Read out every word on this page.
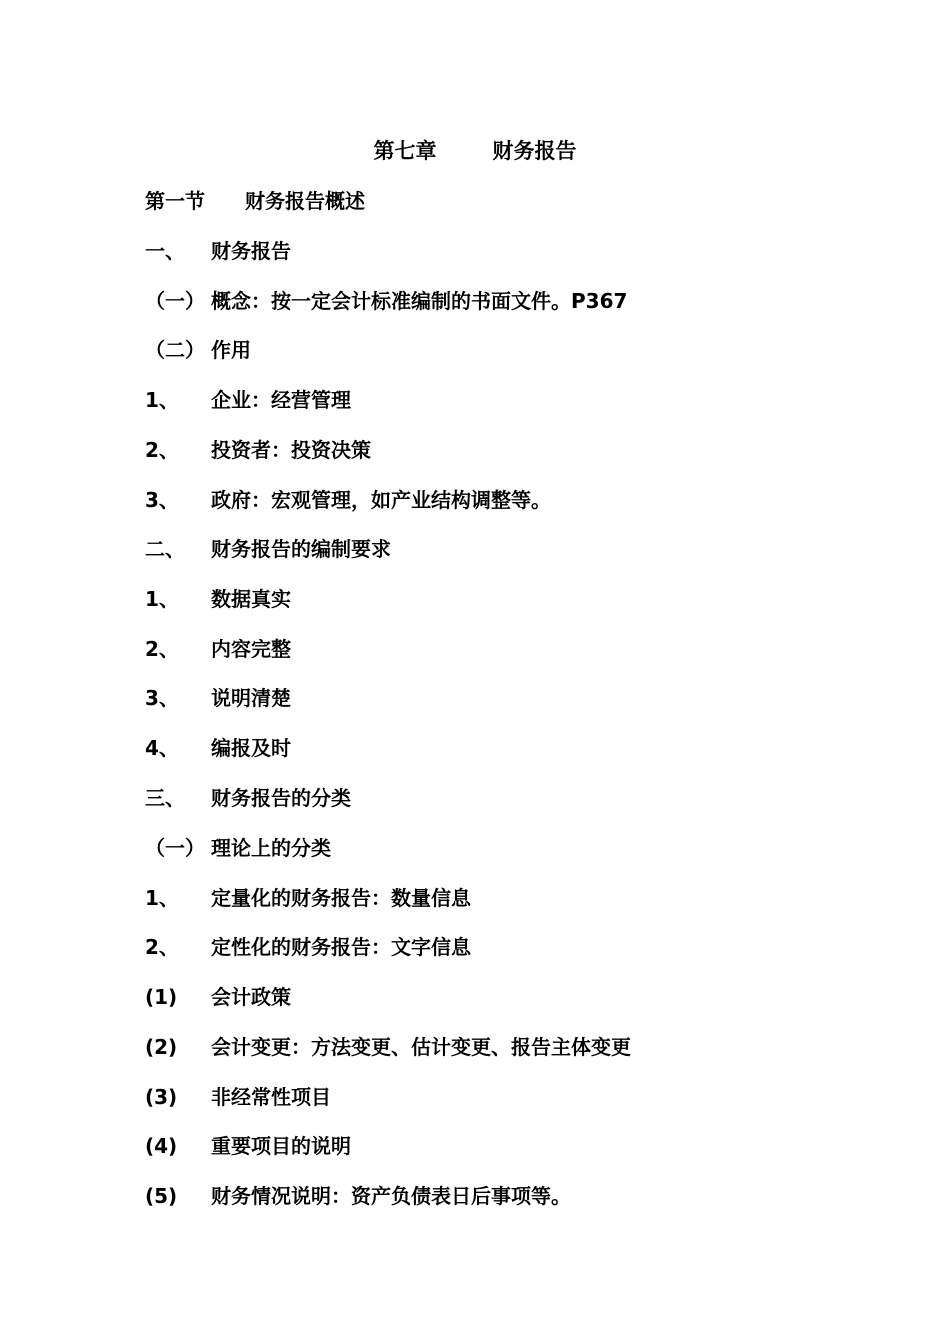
第七章	财务报告
第一节 财务报告概述
一、 财务报告
（一） 概念：按一定会计标准编制的书面文件。P367
（二） 作用
1、 企业：经营管理
2、 投资者：投资决策
3、 政府：宏观管理，如产业结构调整等。
二、 财务报告的编制要求
1、 数据真实
2、 内容完整
3、 说明清楚
4、 编报及时
三、 财务报告的分类
（一） 理论上的分类
1、 定量化的财务报告：数量信息
2、 定性化的财务报告：文字信息
(1) 会计政策
(2) 会计变更：方法变更、估计变更、报告主体变更
(3) 非经常性项目
(4) 重要项目的说明
(5) 财务情况说明：资产负债表日后事项等。
